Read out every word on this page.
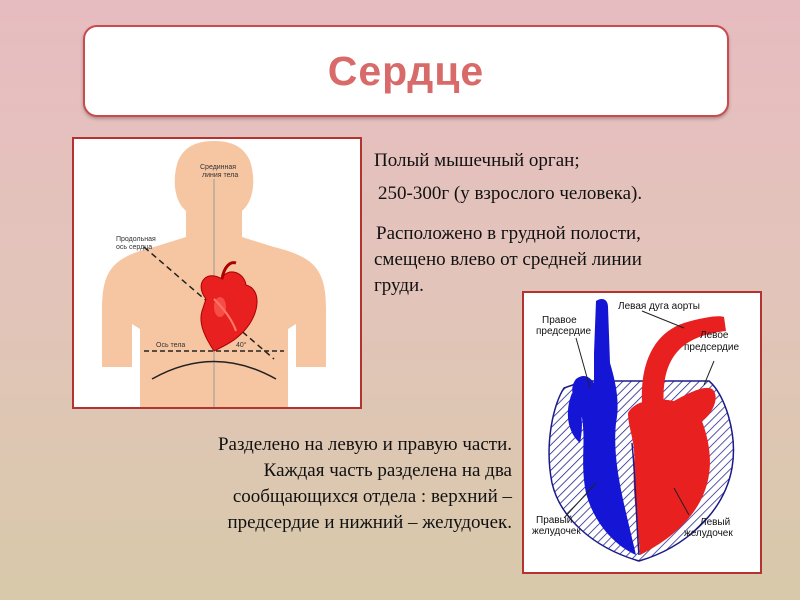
Сердце
Срединная линия тела
Продольная ось сердца
Ось тела	40°
Полый мышечный орган;
250-300г (у взрослого человека).
Расположено в грудной полости,
смещено влево от средней линии
груди.
Разделено на левую и правую части.
Каждая часть разделена на два
сообщающихся отдела : верхний –
предсердие и нижний – желудочек.
Правое предсердие
Левая дуга аорты
Левое предсердие
Правый желудочек
Левый желудочек
